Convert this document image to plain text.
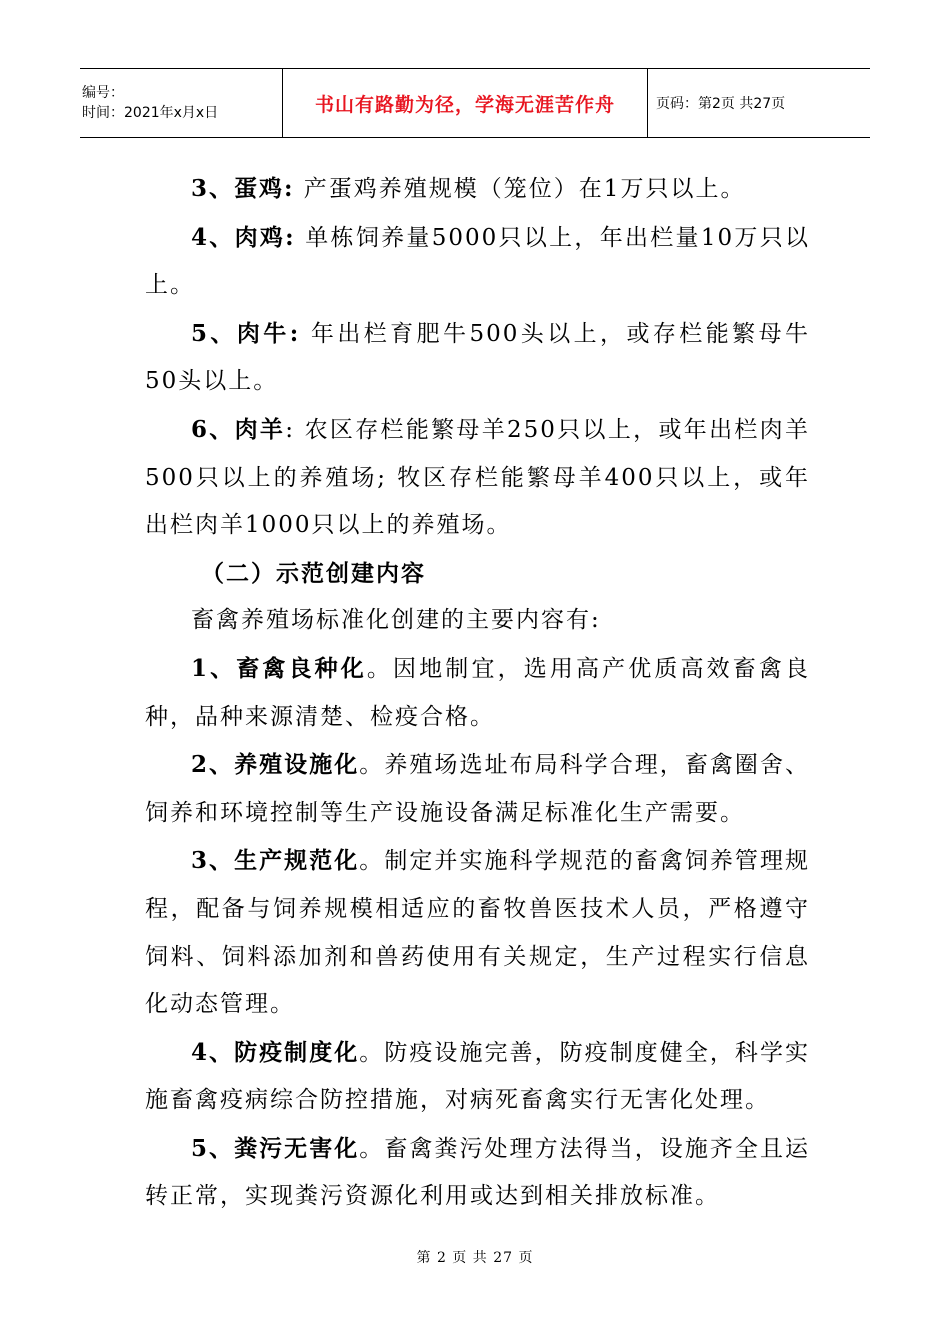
编号：
时间：2021年x月x日	书山有路勤为径，学海无涯苦作舟	页码：第2页 共27页

3、蛋鸡: 产蛋鸡养殖规模（笼位）在1万只以上。

4、肉鸡: 单栋饲养量5000只以上，年出栏量10万只以上。

5、肉牛: 年出栏育肥牛500头以上，或存栏能繁母牛50头以上。

6、肉羊: 农区存栏能繁母羊250只以上，或年出栏肉羊500只以上的养殖场; 牧区存栏能繁母羊400只以上，或年出栏肉羊1000只以上的养殖场。

（二）示范创建内容

畜禽养殖场标准化创建的主要内容有:

1、畜禽良种化。因地制宜，选用高产优质高效畜禽良种，品种来源清楚、检疫合格。

2、养殖设施化。养殖场选址布局科学合理，畜禽圈舍、饲养和环境控制等生产设施设备满足标准化生产需要。

3、生产规范化。制定并实施科学规范的畜禽饲养管理规程，配备与饲养规模相适应的畜牧兽医技术人员，严格遵守饲料、饲料添加剂和兽药使用有关规定，生产过程实行信息化动态管理。

4、防疫制度化。防疫设施完善，防疫制度健全，科学实施畜禽疫病综合防控措施，对病死畜禽实行无害化处理。

5、粪污无害化。畜禽粪污处理方法得当，设施齐全且运转正常，实现粪污资源化利用或达到相关排放标准。

第 2 页 共 27 页
